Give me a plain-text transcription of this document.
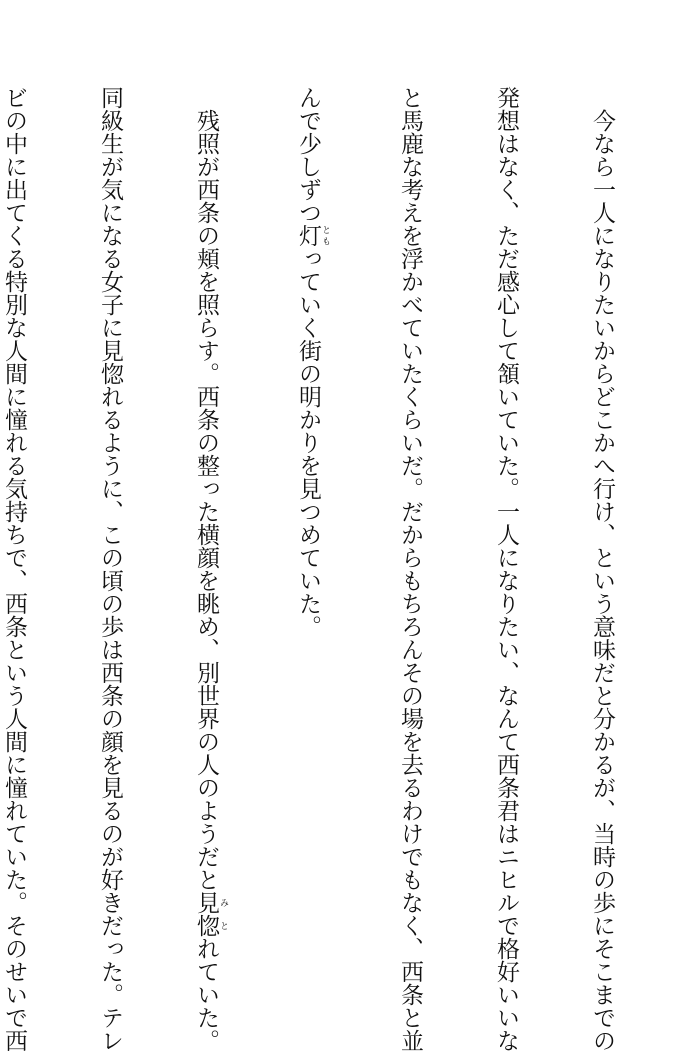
　今なら一人になりたいからどこかへ行け、という意味だと分かるが、当時の歩にそこまでの

発想はなく、ただ感心して頷いていた。一人になりたい、なんて西条君はニヒルで格好いいな

と馬鹿な考えを浮かべていたくらいだ。だからもちろんその場を去るわけでもなく、西条と並

んで少しずつ灯 ともっていく街の明かりを見つめていた。

　残照が西条の頬を照らす。西条の整った横顔を眺め、別世界の人のようだと見惚 みとれていた。

同級生が気になる女子に見惚れるように、この頃の歩は西条の顔を見るのが好きだった。テレ

ビの中に出てくる特別な人間に憧れる気持ちで、西条という人間に憧れていた。そのせいで西
